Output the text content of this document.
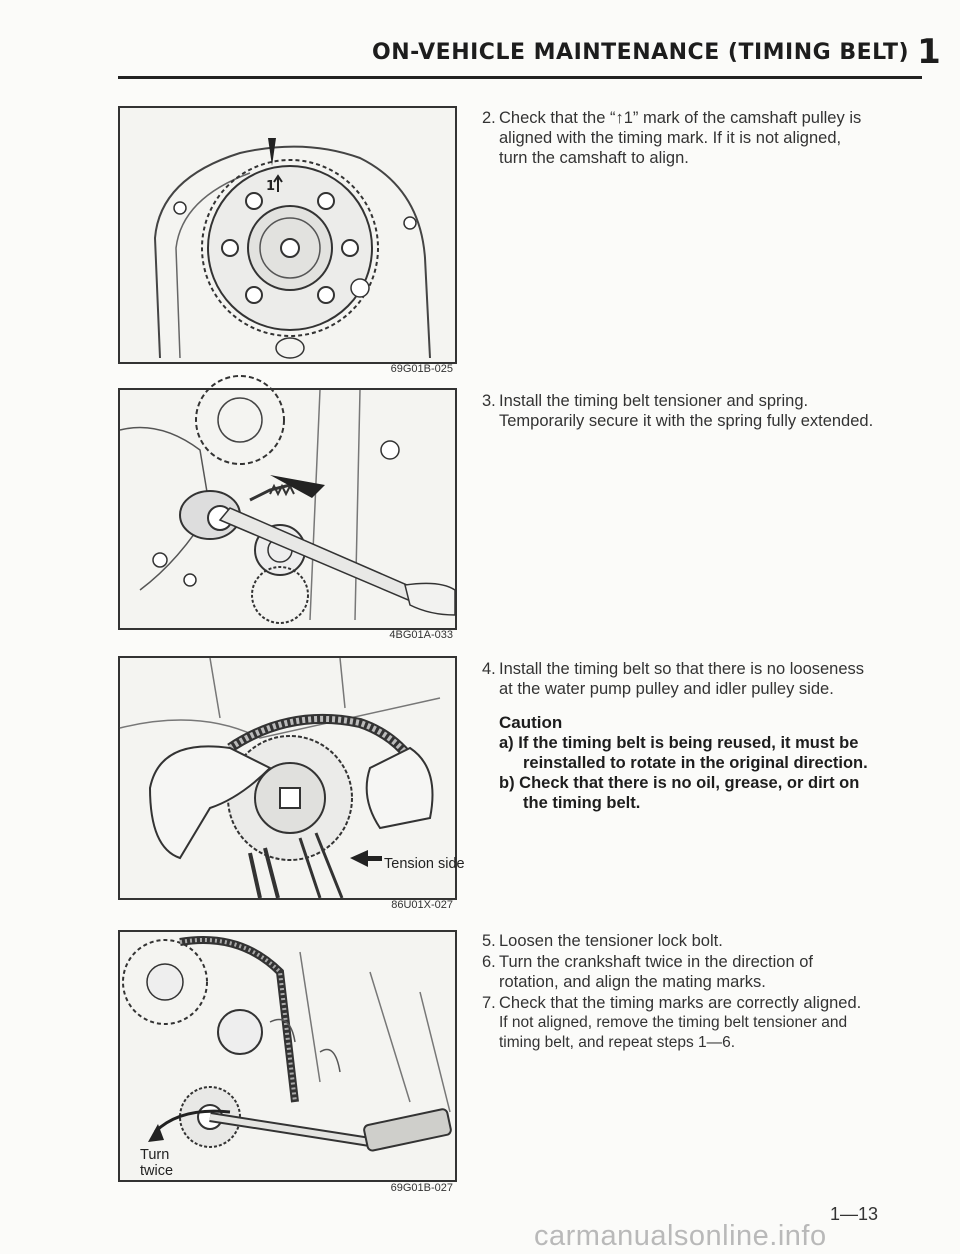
ON-VEHICLE MAINTENANCE (TIMING BELT) 1
1
69G01B-025
4BG01A-033
Tension side
86U01X-027
Turn
twice
69G01B-027
2. Check that the “↑1” mark of the camshaft pulley is aligned with the timing mark. If it is not aligned, turn the camshaft to align.
3. Install the timing belt tensioner and spring. Temporarily secure it with the spring fully extended.
4. Install the timing belt so that there is no looseness at the water pump pulley and idler pulley side.
Caution
a) If the timing belt is being reused, it must be reinstalled to rotate in the original direction.
b) Check that there is no oil, grease, or dirt on the timing belt.
5. Loosen the tensioner lock bolt.
6. Turn the crankshaft twice in the direction of rotation, and align the mating marks.
7. Check that the timing marks are correctly aligned.
If not aligned, remove the timing belt tensioner and timing belt, and repeat steps 1—6.
1—13
carmanualsonline.info
